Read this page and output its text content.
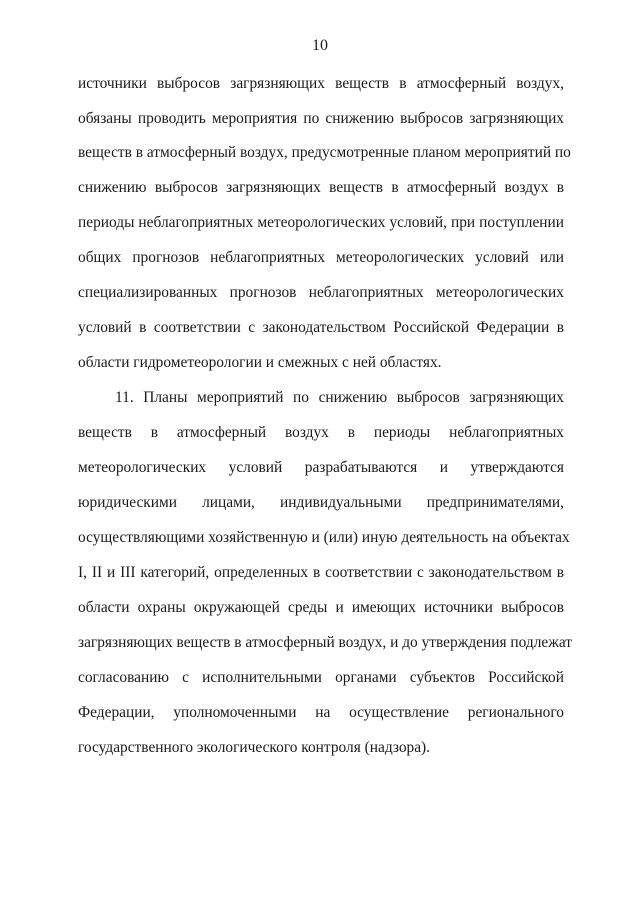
10
источники выбросов загрязняющих веществ в атмосферный воздух,
обязаны проводить мероприятия по снижению выбросов загрязняющих
веществ в атмосферный воздух, предусмотренные планом мероприятий по
снижению выбросов загрязняющих веществ в атмосферный воздух в
периоды неблагоприятных метеорологических условий, при поступлении
общих прогнозов неблагоприятных метеорологических условий или
специализированных прогнозов неблагоприятных метеорологических
условий в соответствии с законодательством Российской Федерации в
области гидрометеорологии и смежных с ней областях.
11. Планы мероприятий по снижению выбросов загрязняющих
веществ в атмосферный воздух в периоды неблагоприятных
метеорологических условий разрабатываются и утверждаются
юридическими лицами, индивидуальными предпринимателями,
осуществляющими хозяйственную и (или) иную деятельность на объектах
I, II и III категорий, определенных в соответствии с законодательством в
области охраны окружающей среды и имеющих источники выбросов
загрязняющих веществ в атмосферный воздух, и до утверждения подлежат
согласованию с исполнительными органами субъектов Российской
Федерации, уполномоченными на осуществление регионального
государственного экологического контроля (надзора).
